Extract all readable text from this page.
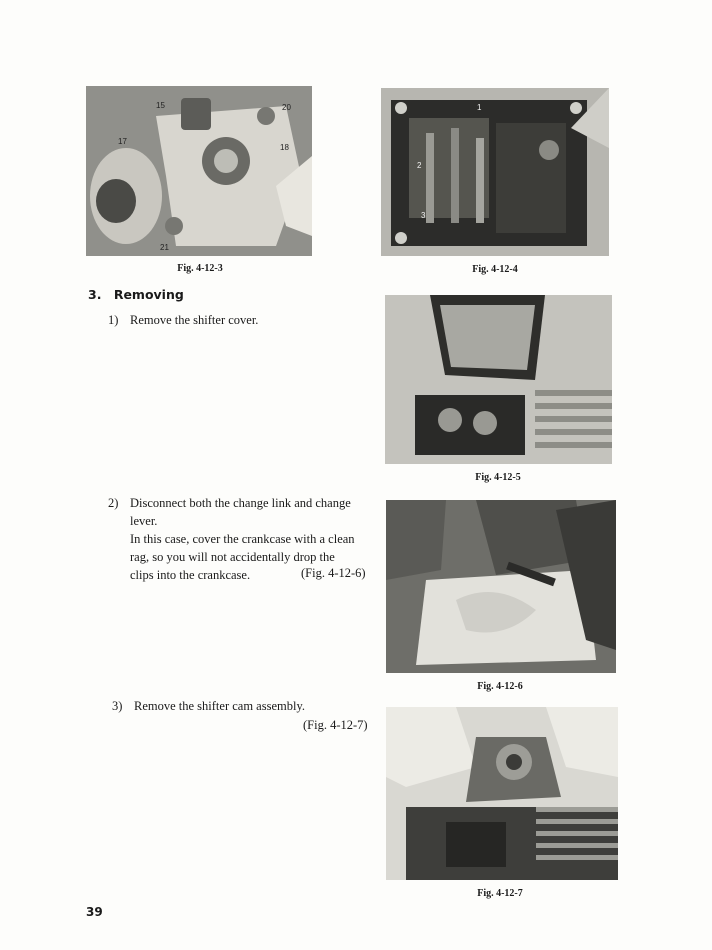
15	20
17
18
21
Fig. 4-12-3
1
2
3
Fig. 4-12-4
3. Removing
1) Remove the shifter cover.
Fig. 4-12-5
2) Disconnect both the change link and change
lever.
In this case, cover the crankcase with a clean
rag, so you will not accidentally drop the
clips into the crankcase.	(Fig. 4-12-6)
Fig. 4-12-6
3) Remove the shifter cam assembly.
(Fig. 4-12-7)
Fig. 4-12-7
39
